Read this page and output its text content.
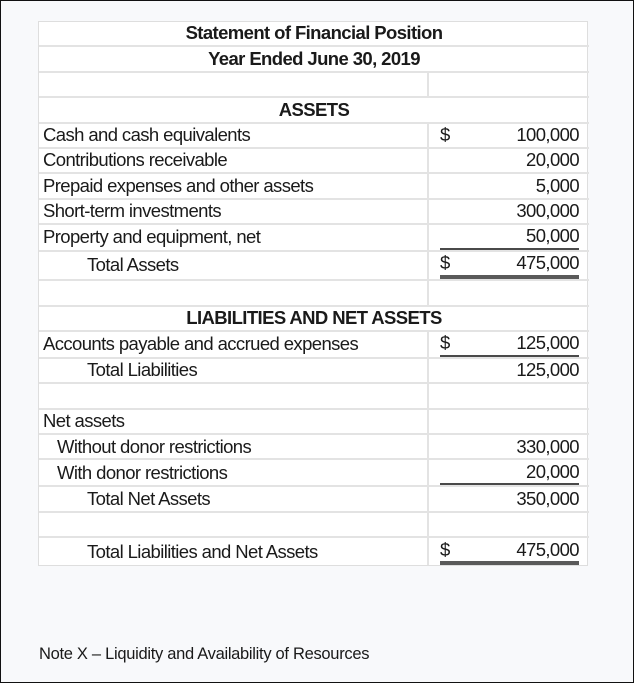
Statement of Financial Position	
Year Ended June 30, 2019	

ASSETS	
Cash and cash equivalents	$ 100,000

Contributions receivable	20,000

Prepaid expenses and other assets	5,000

Short-term investments	300,000

Property and equipment, net	50,000

Total Assets	$ 475,000

LIABILITIES AND NET ASSETS	
Accounts payable and accrued expenses	$ 125,000

Total Liabilities	125,000

Net assets	
Without donor restrictions	330,000

With donor restrictions	20,000

Total Net Assets	350,000

Total Liabilities and Net Assets	$ 475,000
Note X – Liquidity and Availability of Resources
